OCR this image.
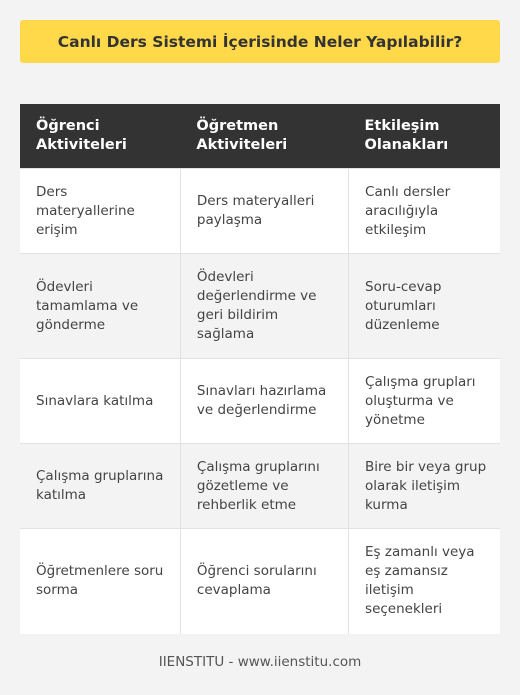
Canlı Ders Sistemi İçerisinde Neler Yapılabilir?
Öğrenci Aktiviteleri	Öğretmen Aktiviteleri	Etkileşim Olanakları
Ders materyallerine erişim	Ders materyalleri paylaşma	Canlı dersler aracılığıyla etkileşim
Ödevleri tamamlama ve gönderme	Ödevleri değerlendirme ve geri bildirim sağlama	Soru-cevap oturumları düzenleme
Sınavlara katılma	Sınavları hazırlama ve değerlendirme	Çalışma grupları oluşturma ve yönetme
Çalışma gruplarına katılma	Çalışma gruplarını gözetleme ve rehberlik etme	Bire bir veya grup olarak iletişim kurma
Öğretmenlere soru sorma	Öğrenci sorularını cevaplama	Eş zamanlı veya eş zamansız iletişim seçenekleri
IIENSTITU - www.iienstitu.com
